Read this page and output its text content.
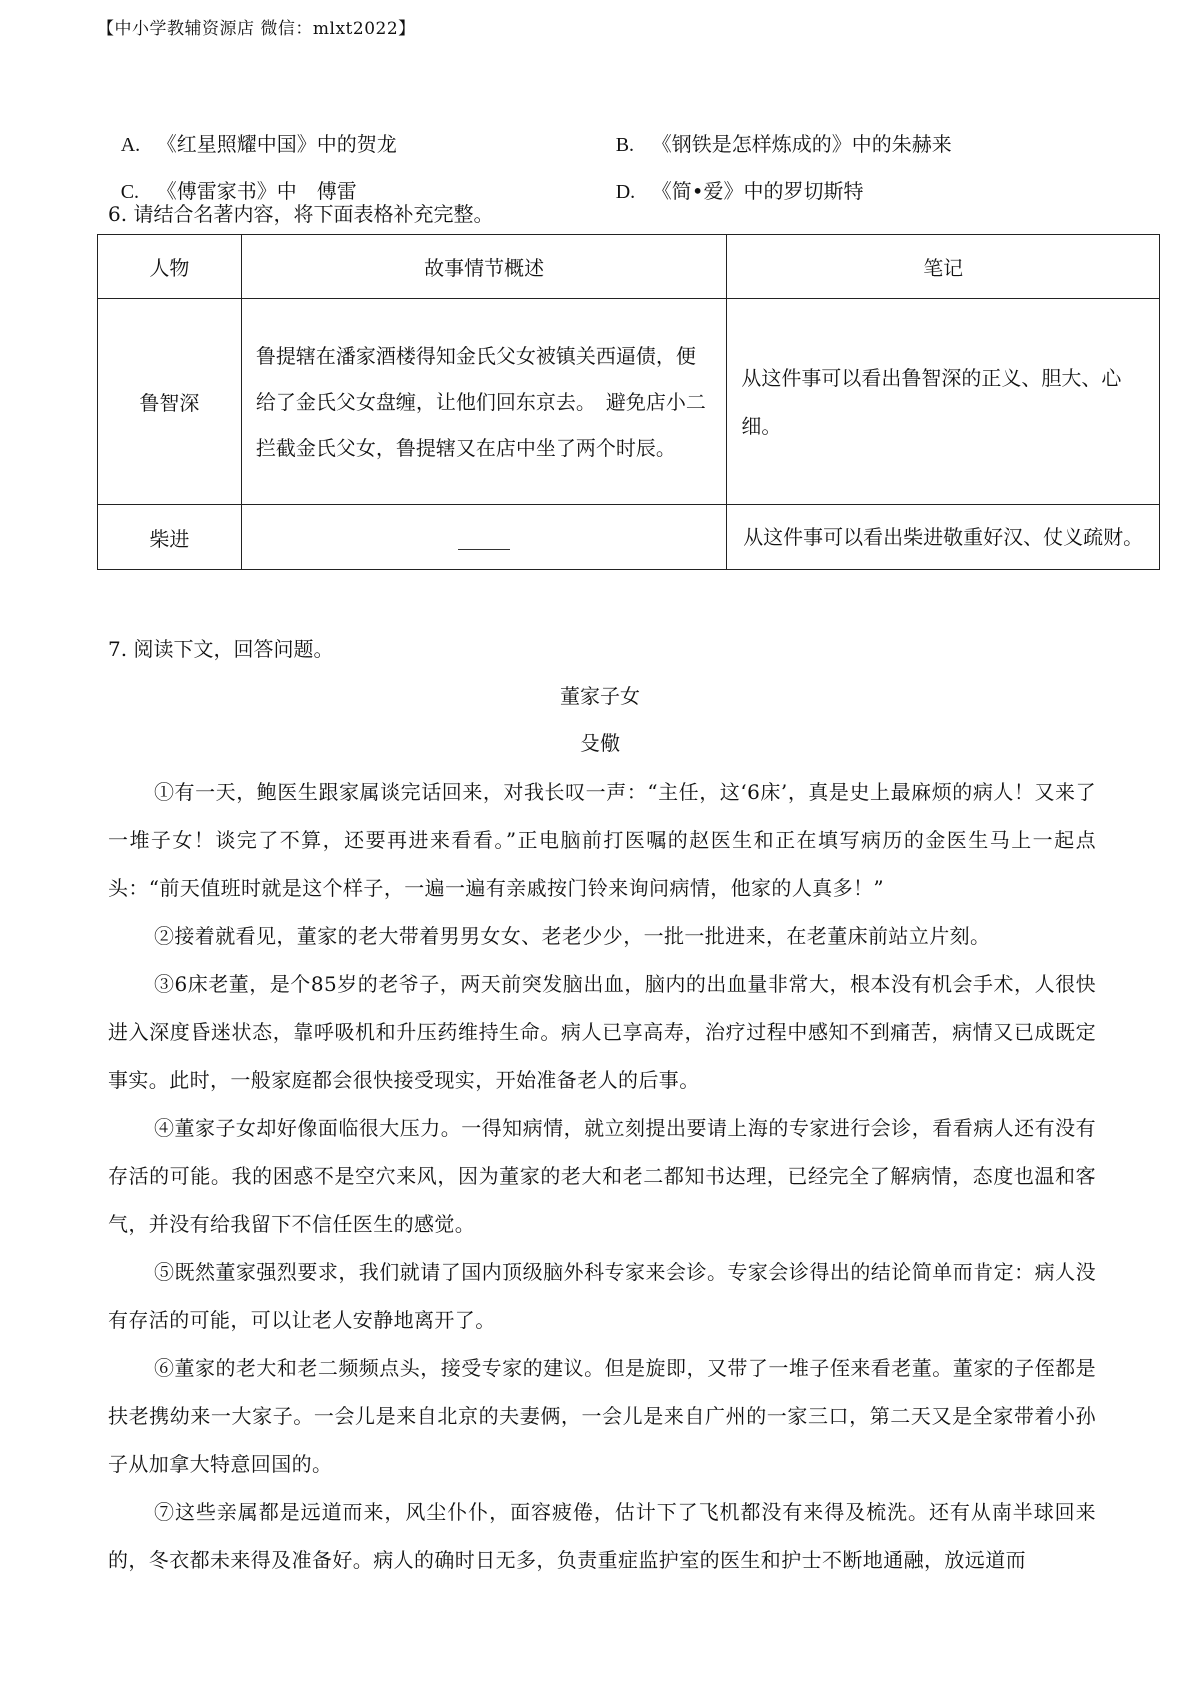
【中小学教辅资源店 微信：mlxt2022】

A. 《红星照耀中国》中的贺龙	B. 《钢铁是怎样炼成的》中的朱赫来

C. 《傅雷家书》中　傅雷	D. 《简•爱》中的罗切斯特

6. 请结合名著内容，将下面表格补充完整。
人物	故事情节概述	笔记
鲁智深	鲁提辖在潘家酒楼得知金氏父女被镇关西逼债，便给了金氏父女盘缠，让他们回东京去。　避免店小二拦截金氏父女，鲁提辖又在店中坐了两个时辰。	从这件事可以看出鲁智深的正义、胆大、心细。
柴进		从这件事可以看出柴进敬重好汉、仗义疏财。
7. 阅读下文，回答问题。
董家子女
殳儆

①有一天，鲍医生跟家属谈完话回来，对我长叹一声：“主任，这‘6床’，真是史上最麻烦的病人！又来了一堆子女！谈完了不算，还要再进来看看。”正电脑前打医嘱的赵医生和正在填写病历的金医生马上一起点头：“前天值班时就是这个样子，一遍一遍有亲戚按门铃来询问病情，他家的人真多！”

②接着就看见，董家的老大带着男男女女、老老少少，一批一批进来，在老董床前站立片刻。

③6床老董，是个85岁的老爷子，两天前突发脑出血，脑内的出血量非常大，根本没有机会手术，人很快进入深度昏迷状态，靠呼吸机和升压药维持生命。病人已享高寿，治疗过程中感知不到痛苦，病情又已成既定事实。此时，一般家庭都会很快接受现实，开始准备老人的后事。

④董家子女却好像面临很大压力。一得知病情，就立刻提出要请上海的专家进行会诊，看看病人还有没有存活的可能。我的困惑不是空穴来风，因为董家的老大和老二都知书达理，已经完全了解病情，态度也温和客气，并没有给我留下不信任医生的感觉。

⑤既然董家强烈要求，我们就请了国内顶级脑外科专家来会诊。专家会诊得出的结论简单而肯定：病人没有存活的可能，可以让老人安静地离开了。

⑥董家的老大和老二频频点头，接受专家的建议。但是旋即，又带了一堆子侄来看老董。董家的子侄都是扶老携幼来一大家子。一会儿是来自北京的夫妻俩，一会儿是来自广州的一家三口，第二天又是全家带着小孙子从加拿大特意回国的。

⑦这些亲属都是远道而来，风尘仆仆，面容疲倦，估计下了飞机都没有来得及梳洗。还有从南半球回来的，冬衣都未来得及准备好。病人的确时日无多，负责重症监护室的医生和护士不断地通融，放远道而
